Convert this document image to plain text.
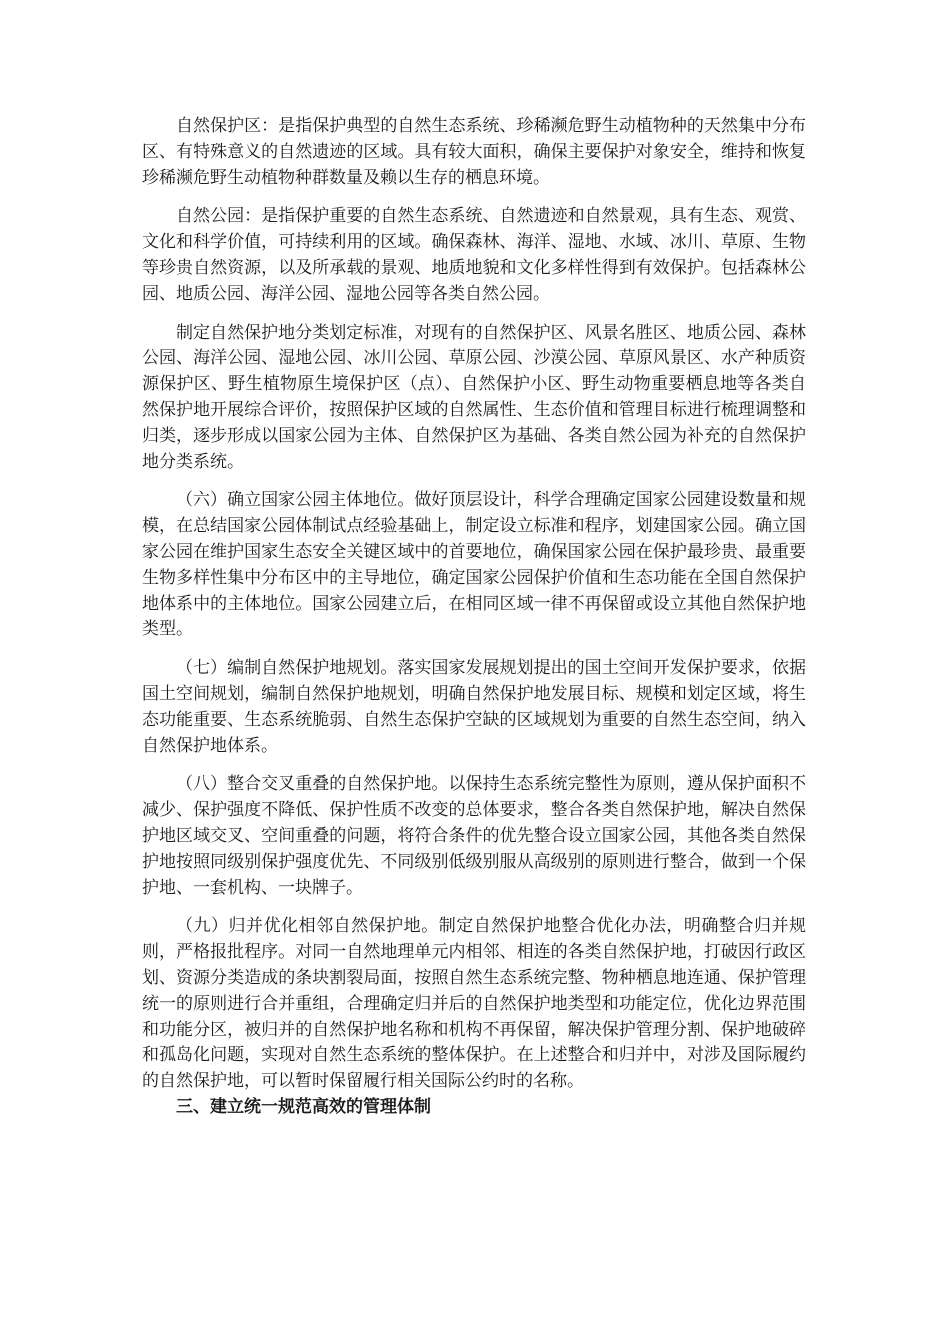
自然保护区：是指保护典型的自然生态系统、珍稀濒危野生动植物种的天然集中分布区、有特殊意义的自然遗迹的区域。具有较大面积，确保主要保护对象安全，维持和恢复珍稀濒危野生动植物种群数量及赖以生存的栖息环境。

自然公园：是指保护重要的自然生态系统、自然遗迹和自然景观，具有生态、观赏、文化和科学价值，可持续利用的区域。确保森林、海洋、湿地、水域、冰川、草原、生物等珍贵自然资源，以及所承载的景观、地质地貌和文化多样性得到有效保护。包括森林公园、地质公园、海洋公园、湿地公园等各类自然公园。

制定自然保护地分类划定标准，对现有的自然保护区、风景名胜区、地质公园、森林公园、海洋公园、湿地公园、冰川公园、草原公园、沙漠公园、草原风景区、水产种质资源保护区、野生植物原生境保护区（点）、自然保护小区、野生动物重要栖息地等各类自然保护地开展综合评价，按照保护区域的自然属性、生态价值和管理目标进行梳理调整和归类，逐步形成以国家公园为主体、自然保护区为基础、各类自然公园为补充的自然保护地分类系统。

（六）确立国家公园主体地位。做好顶层设计，科学合理确定国家公园建设数量和规模，在总结国家公园体制试点经验基础上，制定设立标准和程序，划建国家公园。确立国家公园在维护国家生态安全关键区域中的首要地位，确保国家公园在保护最珍贵、最重要生物多样性集中分布区中的主导地位，确定国家公园保护价值和生态功能在全国自然保护地体系中的主体地位。国家公园建立后，在相同区域一律不再保留或设立其他自然保护地类型。

（七）编制自然保护地规划。落实国家发展规划提出的国土空间开发保护要求，依据国土空间规划，编制自然保护地规划，明确自然保护地发展目标、规模和划定区域，将生态功能重要、生态系统脆弱、自然生态保护空缺的区域规划为重要的自然生态空间，纳入自然保护地体系。

（八）整合交叉重叠的自然保护地。以保持生态系统完整性为原则，遵从保护面积不减少、保护强度不降低、保护性质不改变的总体要求，整合各类自然保护地，解决自然保护地区域交叉、空间重叠的问题，将符合条件的优先整合设立国家公园，其他各类自然保护地按照同级别保护强度优先、不同级别低级别服从高级别的原则进行整合，做到一个保护地、一套机构、一块牌子。

（九）归并优化相邻自然保护地。制定自然保护地整合优化办法，明确整合归并规则，严格报批程序。对同一自然地理单元内相邻、相连的各类自然保护地，打破因行政区划、资源分类造成的条块割裂局面，按照自然生态系统完整、物种栖息地连通、保护管理统一的原则进行合并重组，合理确定归并后的自然保护地类型和功能定位，优化边界范围和功能分区，被归并的自然保护地名称和机构不再保留，解决保护管理分割、保护地破碎和孤岛化问题，实现对自然生态系统的整体保护。在上述整合和归并中，对涉及国际履约的自然保护地，可以暂时保留履行相关国际公约时的名称。

三、建立统一规范高效的管理体制
